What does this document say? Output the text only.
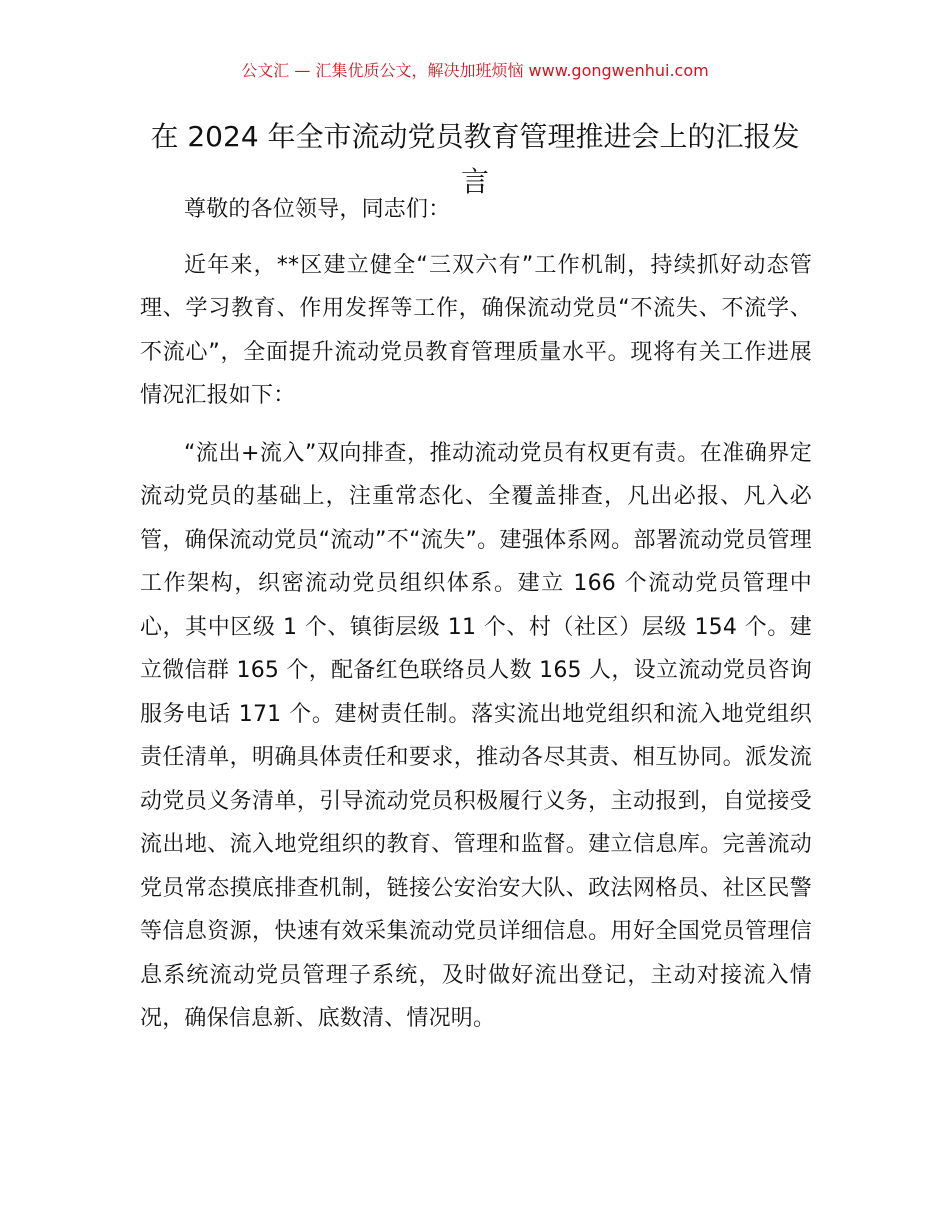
公文汇 — 汇集优质公文，解决加班烦恼 www.gongwenhui.com
在 2024 年全市流动党员教育管理推进会上的汇报发言

尊敬的各位领导，同志们：

近年来，**区建立健全“三双六有”工作机制，持续抓好动态管理、学习教育、作用发挥等工作，确保流动党员“不流失、不流学、不流心”，全面提升流动党员教育管理质量水平。现将有关工作进展情况汇报如下：

“流出+流入”双向排查，推动流动党员有权更有责。在准确界定流动党员的基础上，注重常态化、全覆盖排查，凡出必报、凡入必管，确保流动党员“流动”不“流失”。建强体系网。部署流动党员管理工作架构，织密流动党员组织体系。建立 166 个流动党员管理中心，其中区级 1 个、镇街层级 11 个、村（社区）层级 154 个。建立微信群 165 个，配备红色联络员人数 165 人，设立流动党员咨询服务电话 171 个。建树责任制。落实流出地党组织和流入地党组织责任清单，明确具体责任和要求，推动各尽其责、相互协同。派发流动党员义务清单，引导流动党员积极履行义务，主动报到，自觉接受流出地、流入地党组织的教育、管理和监督。建立信息库。完善流动党员常态摸底排查机制，链接公安治安大队、政法网格员、社区民警等信息资源，快速有效采集流动党员详细信息。用好全国党员管理信息系统流动党员管理子系统，及时做好流出登记，主动对接流入情况，确保信息新、底数清、情况明。
